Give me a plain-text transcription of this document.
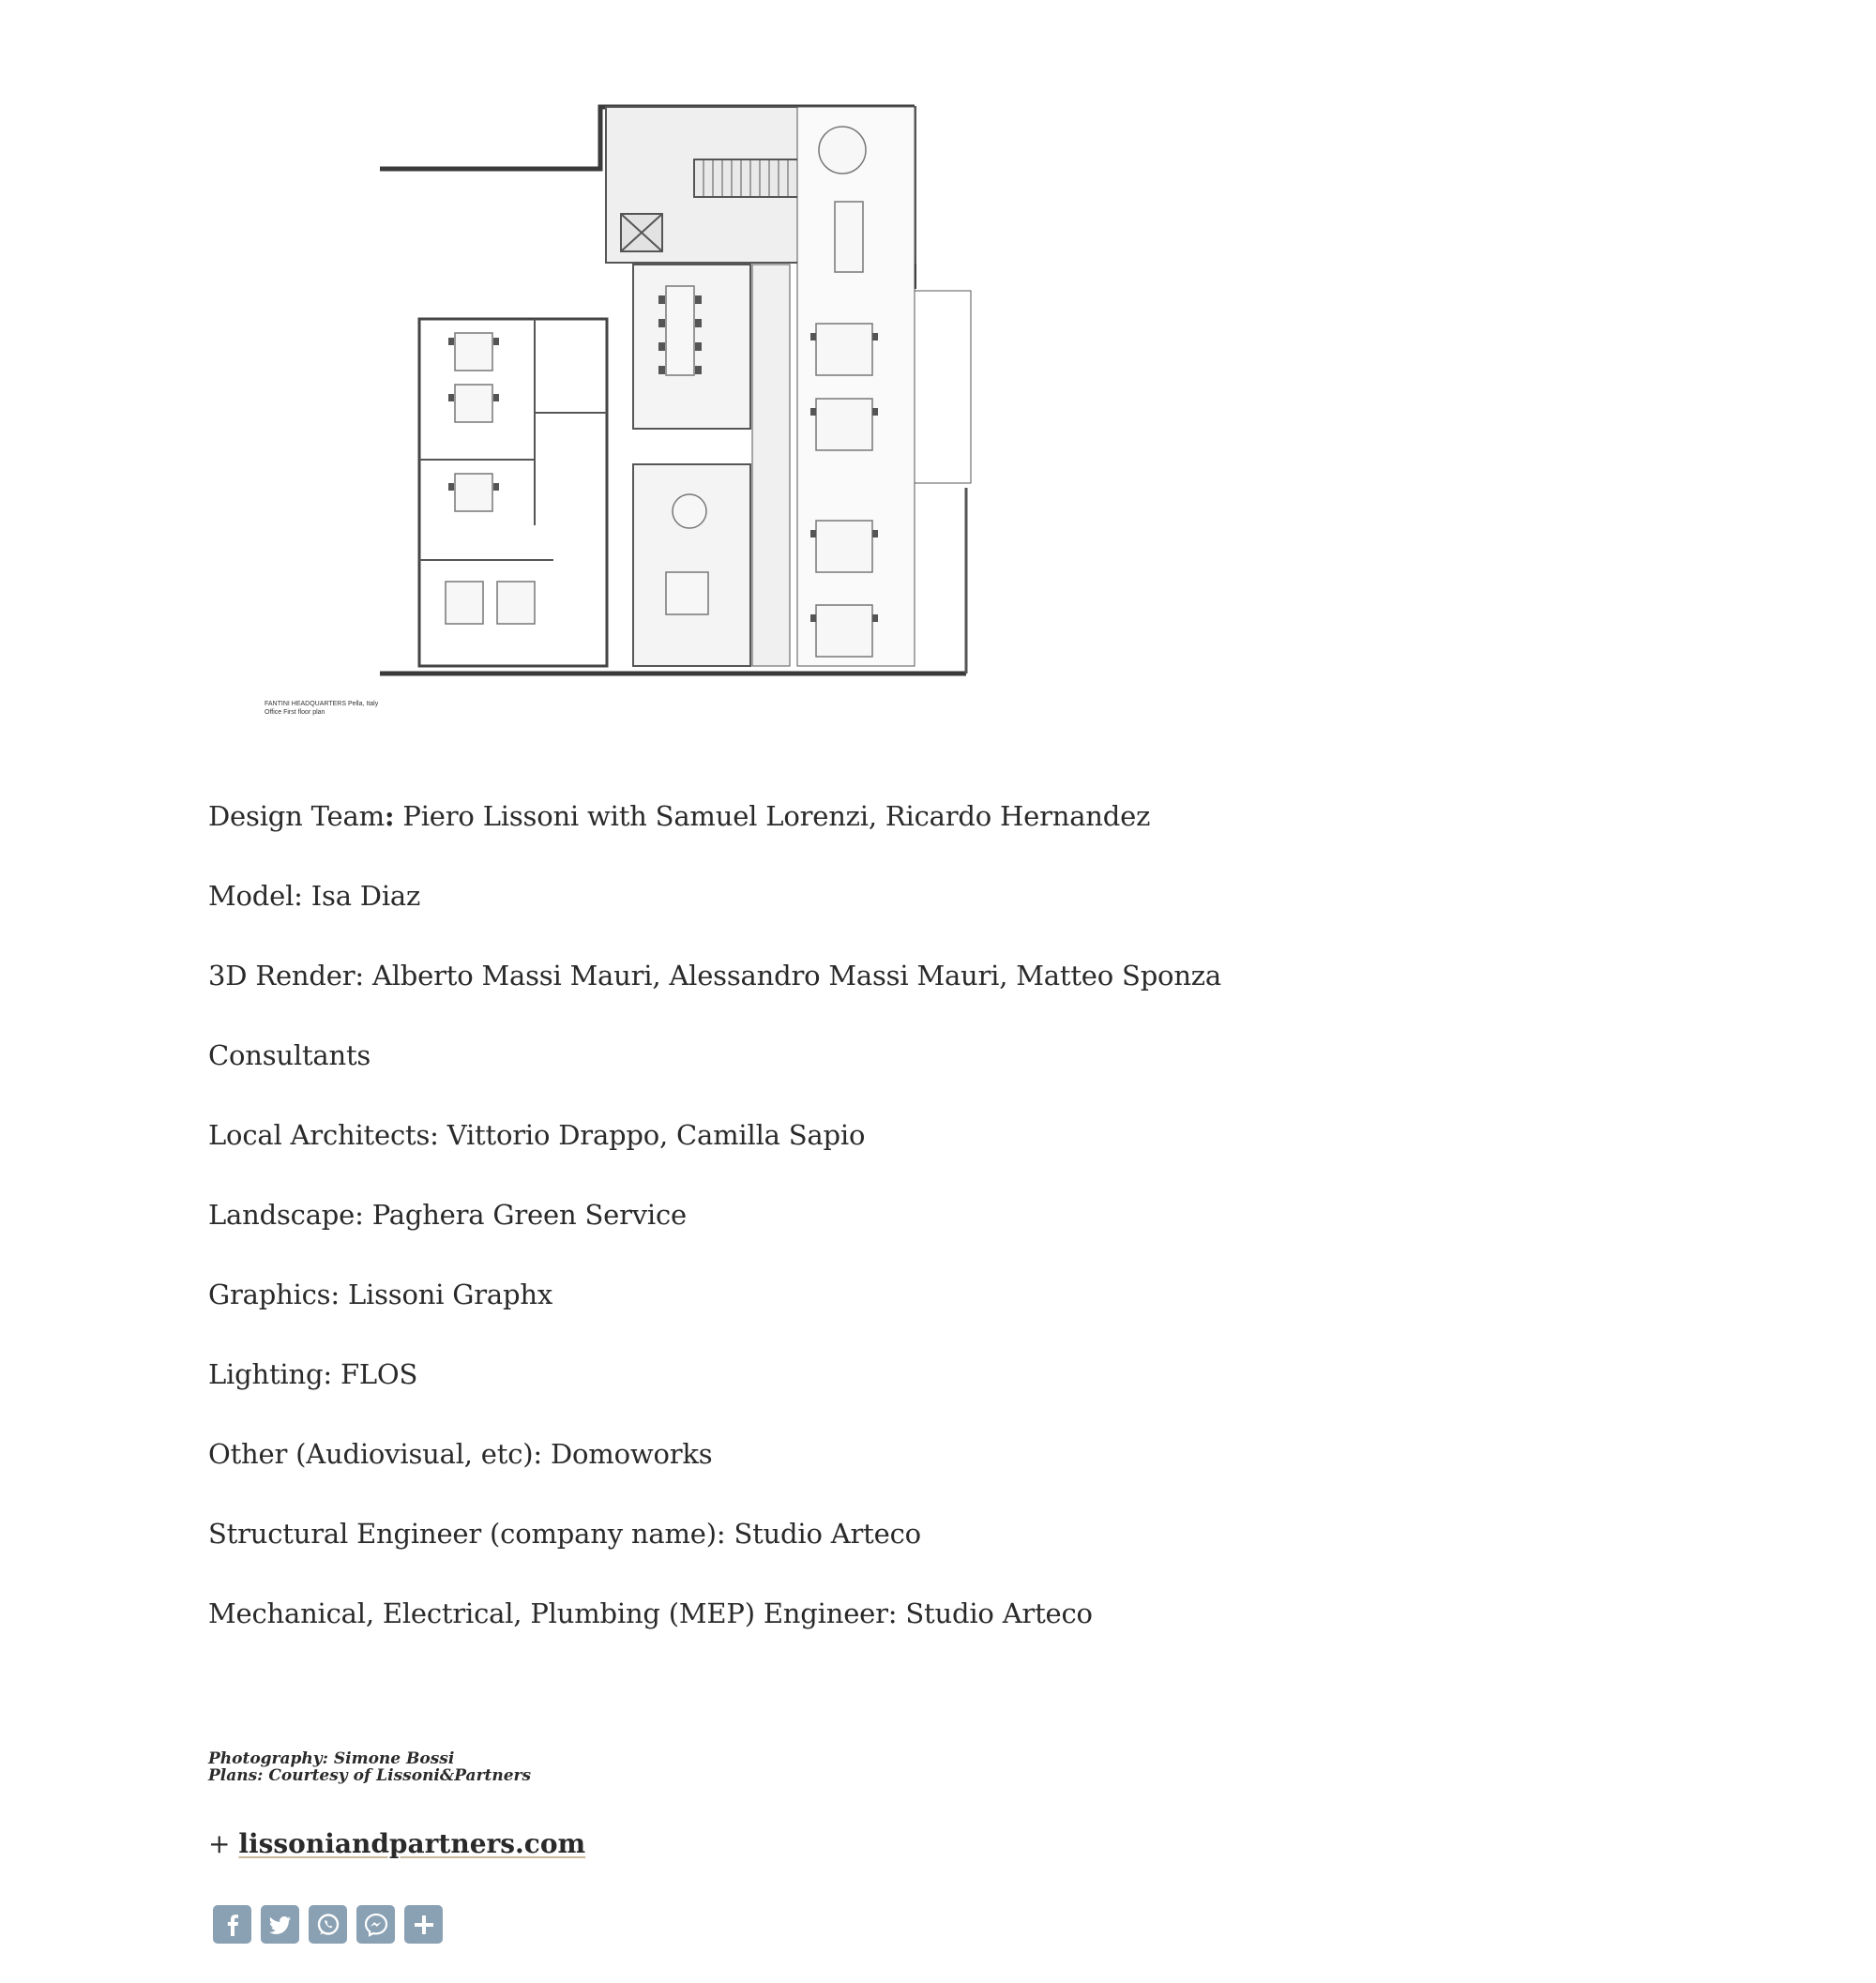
FANTINI HEADQUARTERS Pella, Italy
Office First floor plan
Design Team: Piero Lissoni with Samuel Lorenzi, Ricardo Hernandez
Model: Isa Diaz
3D Render: Alberto Massi Mauri, Alessandro Massi Mauri, Matteo Sponza
Consultants
Local Architects: Vittorio Drappo, Camilla Sapio
Landscape: Paghera Green Service
Graphics: Lissoni Graphx
Lighting: FLOS
Other (Audiovisual, etc): Domoworks
Structural Engineer (company name): Studio Arteco
Mechanical, Electrical, Plumbing (MEP) Engineer: Studio Arteco
Photography: Simone Bossi
Plans: Courtesy of Lissoni&Partners
+ lissoniandpartners.com
